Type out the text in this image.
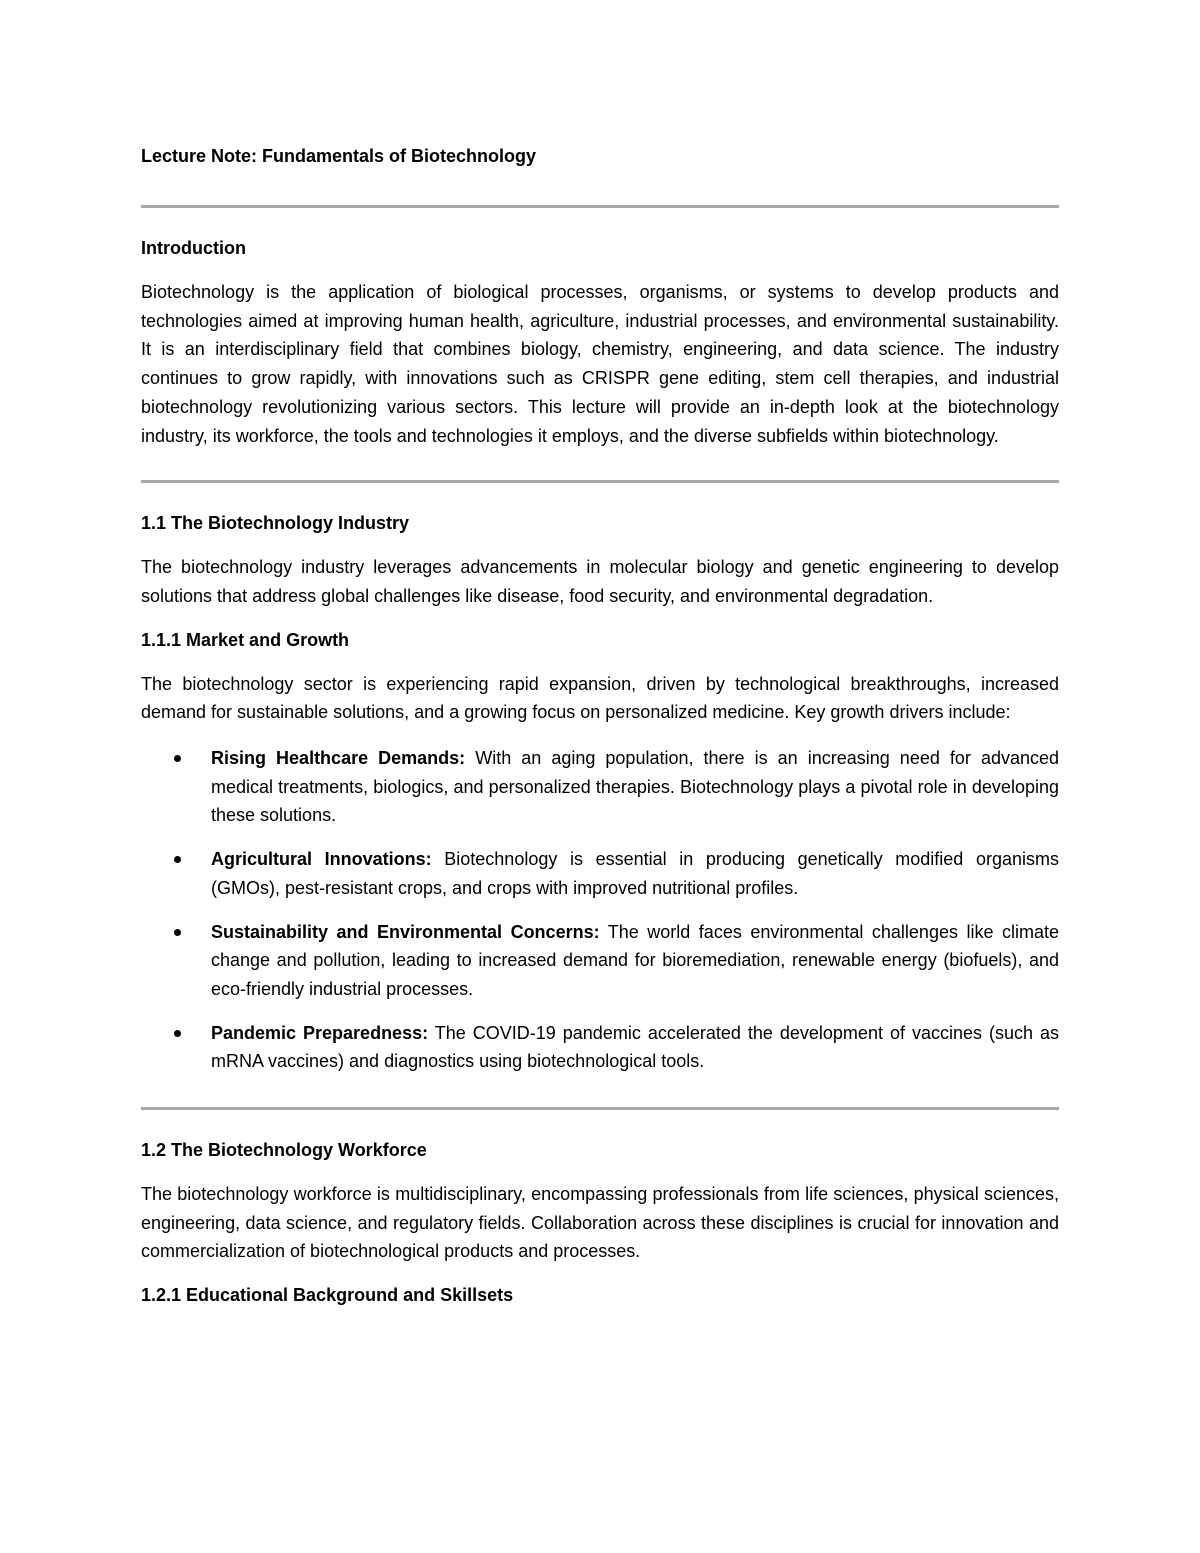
Lecture Note: Fundamentals of Biotechnology
Introduction

Biotechnology is the application of biological processes, organisms, or systems to develop products and technologies aimed at improving human health, agriculture, industrial processes, and environmental sustainability. It is an interdisciplinary field that combines biology, chemistry, engineering, and data science. The industry continues to grow rapidly, with innovations such as CRISPR gene editing, stem cell therapies, and industrial biotechnology revolutionizing various sectors. This lecture will provide an in-depth look at the biotechnology industry, its workforce, the tools and technologies it employs, and the diverse subfields within biotechnology.

1.1 The Biotechnology Industry

The biotechnology industry leverages advancements in molecular biology and genetic engineering to develop solutions that address global challenges like disease, food security, and environmental degradation.

1.1.1 Market and Growth

The biotechnology sector is experiencing rapid expansion, driven by technological breakthroughs, increased demand for sustainable solutions, and a growing focus on personalized medicine. Key growth drivers include:

Rising Healthcare Demands: With an aging population, there is an increasing need for advanced medical treatments, biologics, and personalized therapies. Biotechnology plays a pivotal role in developing these solutions.
Agricultural Innovations: Biotechnology is essential in producing genetically modified organisms (GMOs), pest-resistant crops, and crops with improved nutritional profiles.
Sustainability and Environmental Concerns: The world faces environmental challenges like climate change and pollution, leading to increased demand for bioremediation, renewable energy (biofuels), and eco-friendly industrial processes.
Pandemic Preparedness: The COVID-19 pandemic accelerated the development of vaccines (such as mRNA vaccines) and diagnostics using biotechnological tools.
1.2 The Biotechnology Workforce

The biotechnology workforce is multidisciplinary, encompassing professionals from life sciences, physical sciences, engineering, data science, and regulatory fields. Collaboration across these disciplines is crucial for innovation and commercialization of biotechnological products and processes.

1.2.1 Educational Background and Skillsets
